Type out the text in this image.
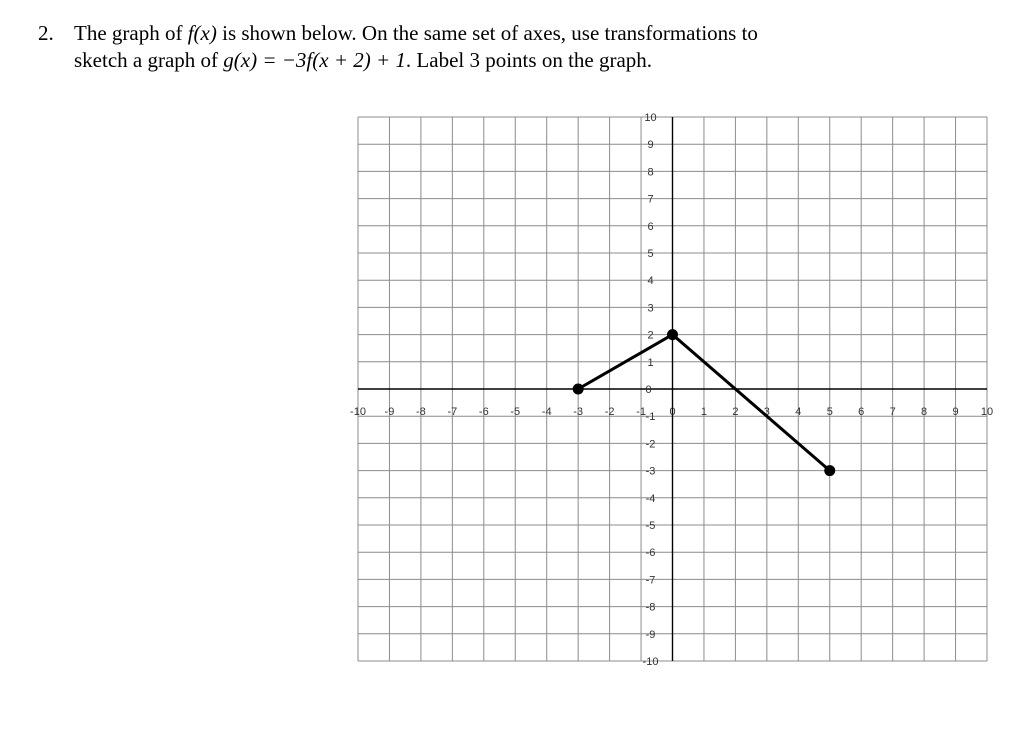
2. The graph of f(x) is shown below. On the same set of axes, use transformations to
sketch a graph of g(x) = −3f(x + 2) + 1. Label 3 points on the graph.
-10 -9 -8 -7 -6 -5 -4 -3 -2 -1 0 1 2 3 4 5 6 7 8 9 10
-10
-9
-8
-7
-6
-5
-4
-3
-2
-1
0
1
2
3
4
5
6
7
8
9
10
